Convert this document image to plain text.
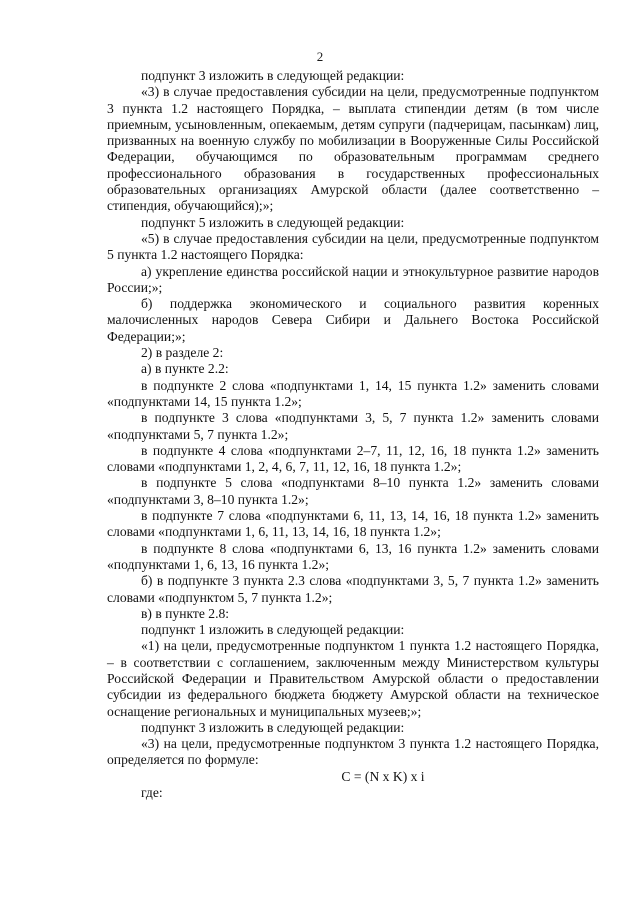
2

подпункт 3 изложить в следующей редакции:

«3) в случае предоставления субсидии на цели, предусмотренные подпунктом 3 пункта 1.2 настоящего Порядка, – выплата стипендии детям (в том числе приемным, усыновленным, опекаемым, детям супруги (падчерицам, пасынкам) лиц, призванных на военную службу по мобилизации в Вооруженные Силы Российской Федерации, обучающимся по образовательным программам среднего профессионального образования в государственных профессиональных образовательных организациях Амурской области (далее соответственно – стипендия, обучающийся);»;

подпункт 5 изложить в следующей редакции:

«5) в случае предоставления субсидии на цели, предусмотренные подпунктом 5 пункта 1.2 настоящего Порядка:

а) укрепление единства российской нации и этнокультурное развитие народов России;»;

б) поддержка экономического и социального развития коренных малочисленных народов Севера Сибири и Дальнего Востока Российской Федерации;»;

2) в разделе 2:

а) в пункте 2.2:

в подпункте 2 слова «подпунктами 1, 14, 15 пункта 1.2» заменить словами «подпунктами 14, 15 пункта 1.2»;

в подпункте 3 слова «подпунктами 3, 5, 7 пункта 1.2» заменить словами «подпунктами 5, 7 пункта 1.2»;

в подпункте 4 слова «подпунктами 2–7, 11, 12, 16, 18 пункта 1.2» заменить словами «подпунктами 1, 2, 4, 6, 7, 11, 12, 16, 18 пункта 1.2»;

в подпункте 5 слова «подпунктами 8–10 пункта 1.2» заменить словами «подпунктами 3, 8–10 пункта 1.2»;

в подпункте 7 слова «подпунктами 6, 11, 13, 14, 16, 18 пункта 1.2» заменить словами «подпунктами 1, 6, 11, 13, 14, 16, 18 пункта 1.2»;

в подпункте 8 слова «подпунктами 6, 13, 16 пункта 1.2» заменить словами «подпунктами 1, 6, 13, 16 пункта 1.2»;

б) в подпункте 3 пункта 2.3 слова «подпунктами 3, 5, 7 пункта 1.2» заменить словами «подпунктом 5, 7 пункта 1.2»;

в) в пункте 2.8:

подпункт 1 изложить в следующей редакции:

«1) на цели, предусмотренные подпунктом 1 пункта 1.2 настоящего Порядка, – в соответствии с соглашением, заключенным между Министерством культуры Российской Федерации и Правительством Амурской области о предоставлении субсидии из федерального бюджета бюджету Амурской области на техническое оснащение региональных и муниципальных музеев;»;

подпункт 3 изложить в следующей редакции:

«3) на цели, предусмотренные подпунктом 3 пункта 1.2 настоящего Порядка, определяется по формуле:

C = (N x K) x i

где:
